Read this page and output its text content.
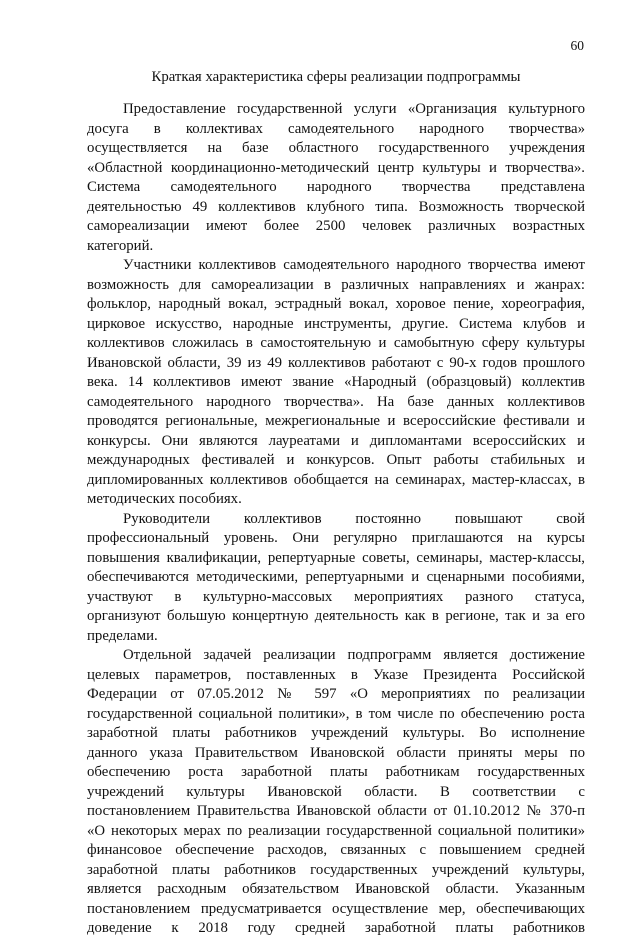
60
Краткая характеристика сферы реализации подпрограммы
Предоставление государственной услуги «Организация культурного
досуга в коллективах самодеятельного народного творчества»
осуществляется на базе областного государственного учреждения
«Областной координационно-методический центр культуры и творчества».
Система самодеятельного народного творчества представлена
деятельностью 49 коллективов клубного типа. Возможность творческой
самореализации имеют более 2500 человек различных возрастных
категорий.
Участники коллективов самодеятельного народного творчества имеют
возможность для самореализации в различных направлениях и жанрах:
фольклор, народный вокал, эстрадный вокал, хоровое пение, хореография,
цирковое искусство, народные инструменты, другие. Система клубов и
коллективов сложилась в самостоятельную и самобытную сферу культуры
Ивановской области, 39 из 49 коллективов работают с 90-х годов прошлого
века. 14 коллективов имеют звание «Народный (образцовый) коллектив
самодеятельного народного творчества». На базе данных коллективов
проводятся региональные, межрегиональные и всероссийские фестивали и
конкурсы. Они являются лауреатами и дипломантами всероссийских и
международных фестивалей и конкурсов. Опыт работы стабильных и
дипломированных коллективов обобщается на семинарах, мастер-классах, в
методических пособиях.
Руководители коллективов постоянно повышают свой
профессиональный уровень. Они регулярно приглашаются на курсы
повышения квалификации, репертуарные советы, семинары, мастер-классы,
обеспечиваются методическими, репертуарными и сценарными пособиями,
участвуют в культурно-массовых мероприятиях разного статуса,
организуют большую концертную деятельность как в регионе, так и за его
пределами.
Отдельной задачей реализации подпрограмм является достижение
целевых параметров, поставленных в Указе Президента Российской
Федерации от 07.05.2012 № 597 «О мероприятиях по реализации
государственной социальной политики», в том числе по обеспечению роста
заработной платы работников учреждений культуры. Во исполнение
данного указа Правительством Ивановской области приняты меры по
обеспечению роста заработной платы работникам государственных
учреждений культуры Ивановской области. В соответствии с
постановлением Правительства Ивановской области от 01.10.2012 № 370-п
«О некоторых мерах по реализации государственной социальной политики»
финансовое обеспечение расходов, связанных с повышением средней
заработной платы работников государственных учреждений культуры,
является расходным обязательством Ивановской области. Указанным
постановлением предусматривается осуществление мер, обеспечивающих
доведение к 2018 году средней заработной платы работников
